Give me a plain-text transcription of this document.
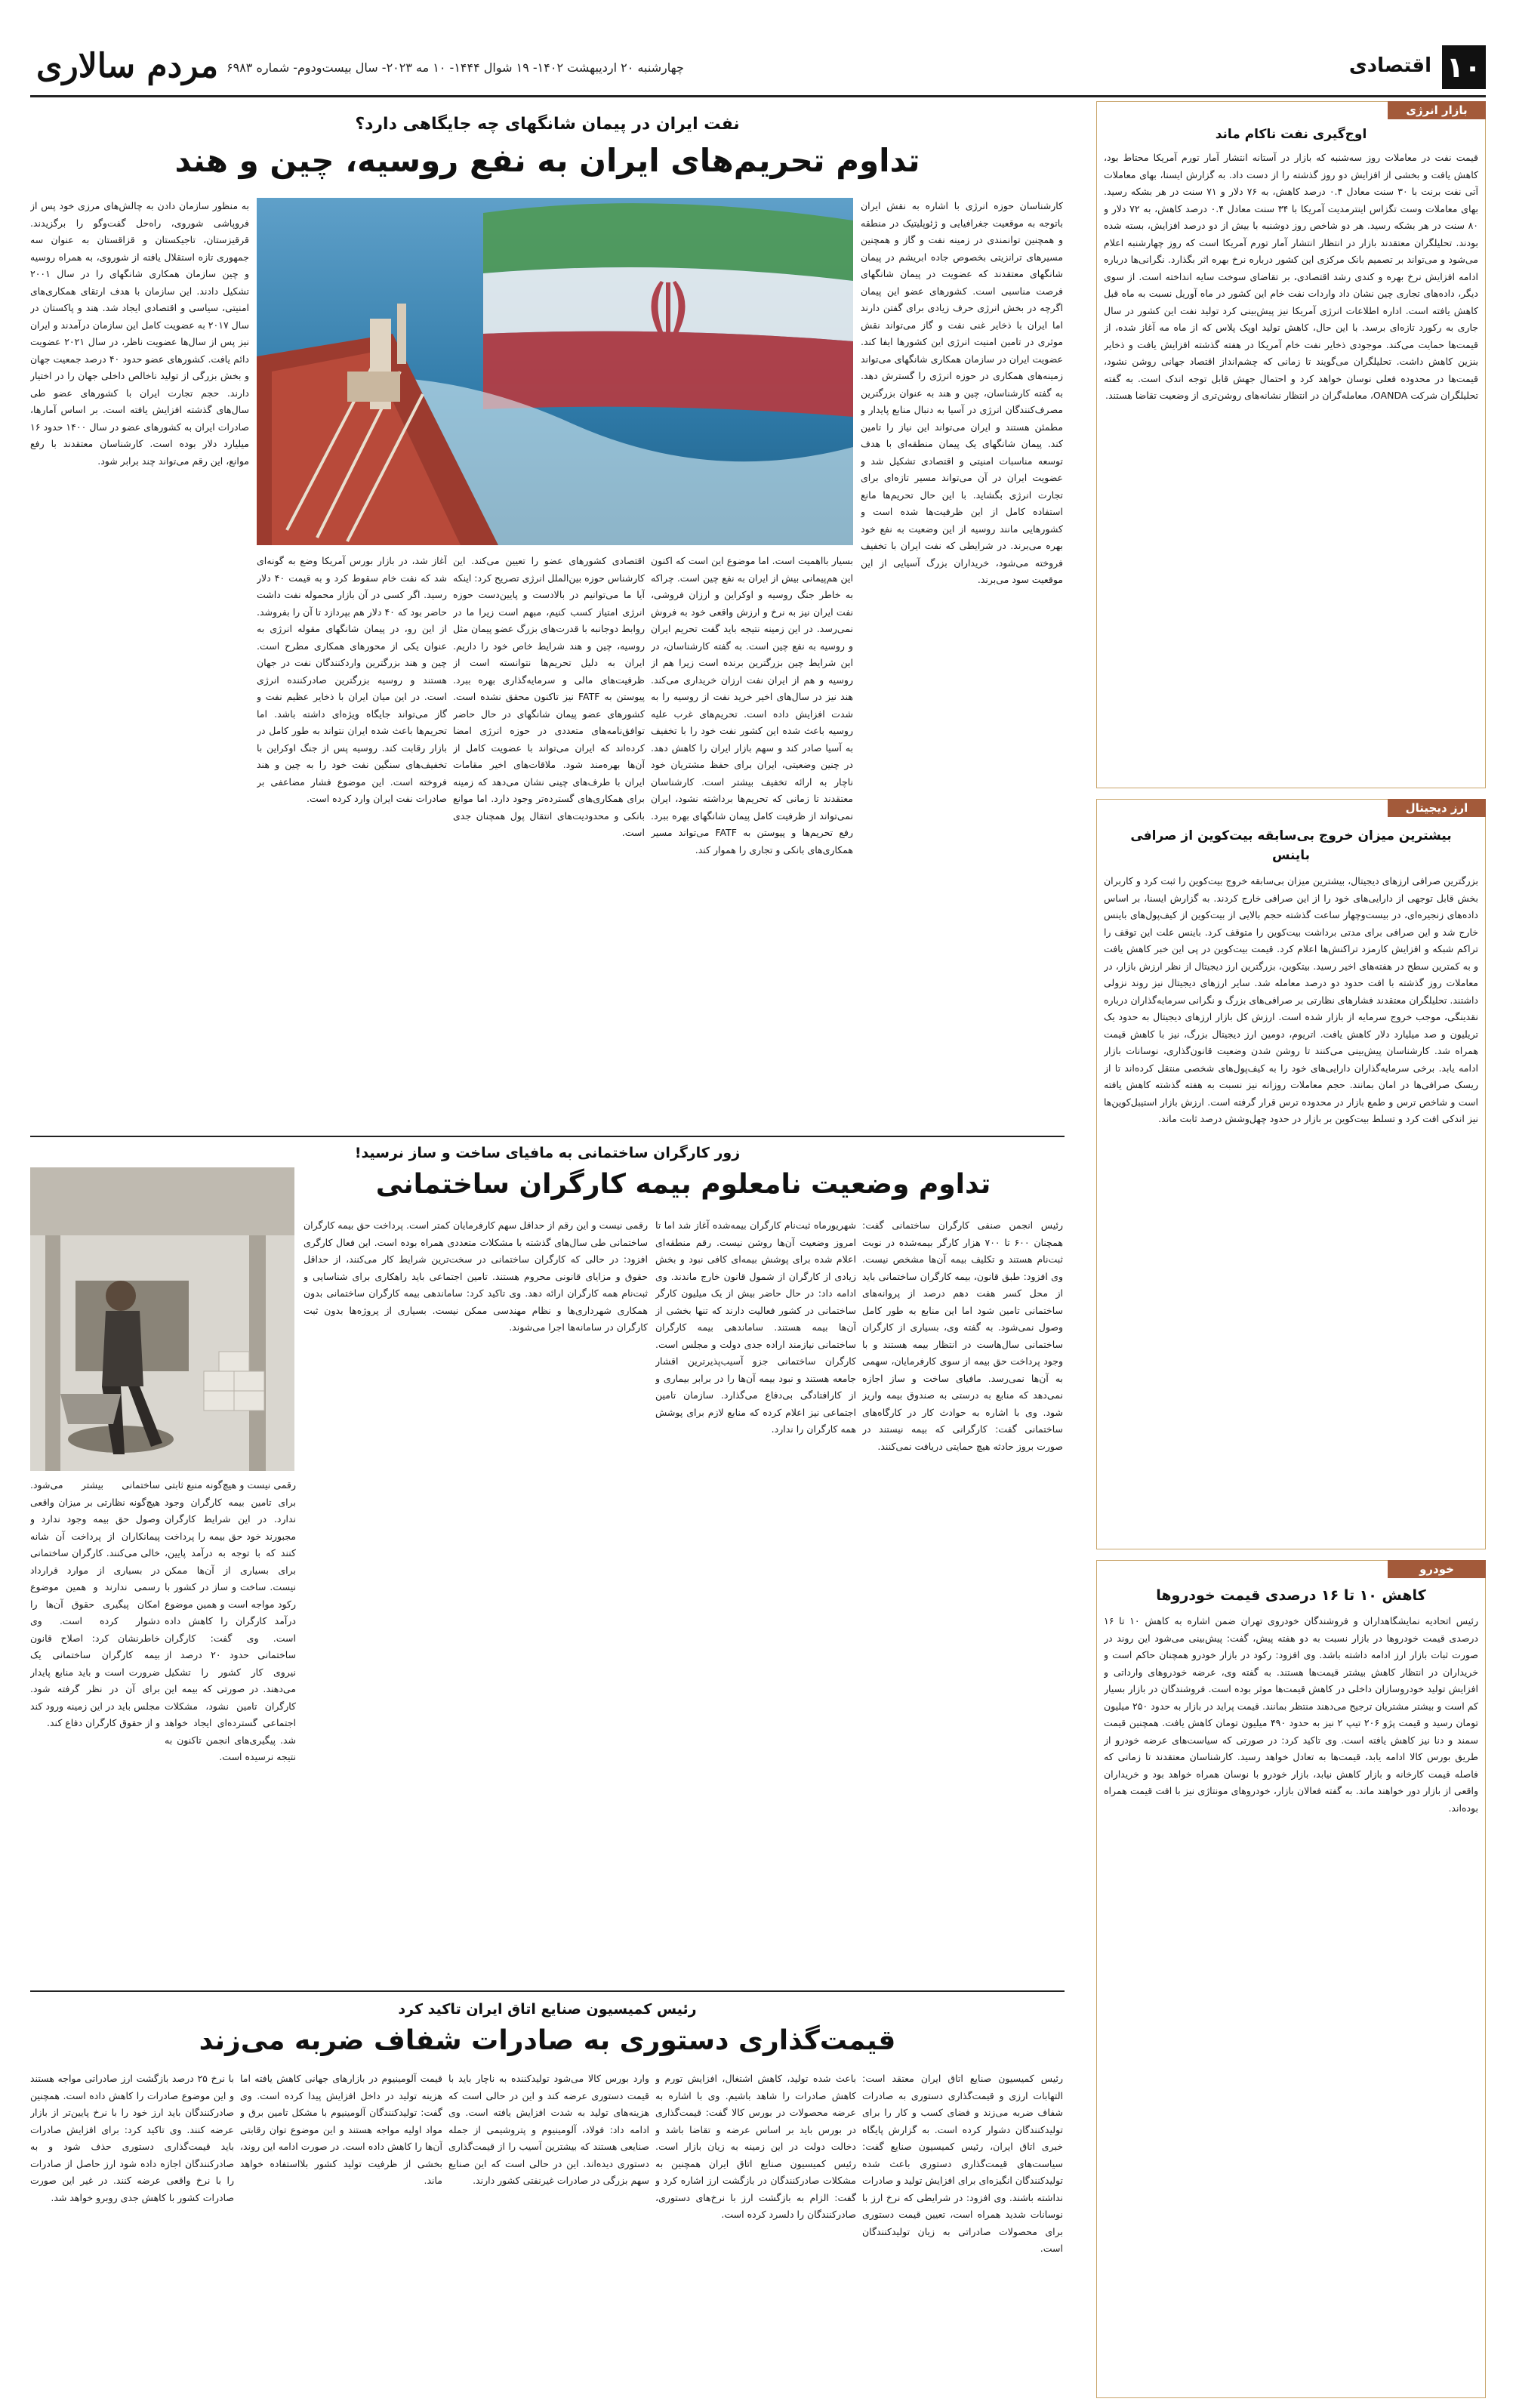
۱۰
اقتصادی
چهارشنبه ۲۰ اردیبهشت ۱۴۰۲- ۱۹ شوال ۱۴۴۴- ۱۰ مه ۲۰۲۳- سال بیست‌ودوم- شماره ۶۹۸۳
مردم سالاری
بازار انرژی
اوج‌گیری نفت ناکام ماند
قیمت نفت در معاملات روز سه‌شنبه که بازار در آستانه انتشار آمار تورم آمریکا محتاط بود، کاهش یافت و بخشی از افزایش دو روز گذشته را از دست داد. به گزارش ایسنا، بهای معاملات آتی نفت برنت با ۳۰ سنت معادل ۰.۴ درصد کاهش، به ۷۶ دلار و ۷۱ سنت در هر بشکه رسید. بهای معاملات وست تگزاس اینترمدیت آمریکا با ۳۴ سنت معادل ۰.۴ درصد کاهش، به ۷۲ دلار و ۸۰ سنت در هر بشکه رسید. هر دو شاخص روز دوشنبه با بیش از دو درصد افزایش، بسته شده بودند. تحلیلگران معتقدند بازار در انتظار انتشار آمار تورم آمریکا است که روز چهارشنبه اعلام می‌شود و می‌تواند بر تصمیم بانک مرکزی این کشور درباره نرخ بهره اثر بگذارد. نگرانی‌ها درباره ادامه افزایش نرخ بهره و کندی رشد اقتصادی، بر تقاضای سوخت سایه انداخته است. از سوی دیگر، داده‌های تجاری چین نشان داد واردات نفت خام این کشور در ماه آوریل نسبت به ماه قبل کاهش یافته است. اداره اطلاعات انرژی آمریکا نیز پیش‌بینی کرد تولید نفت این کشور در سال جاری به رکورد تازه‌ای برسد. با این حال، کاهش تولید اوپک پلاس که از ماه مه آغاز شده، از قیمت‌ها حمایت می‌کند. موجودی ذخایر نفت خام آمریکا در هفته گذشته افزایش یافت و ذخایر بنزین کاهش داشت. تحلیلگران می‌گویند تا زمانی که چشم‌انداز اقتصاد جهانی روشن نشود، قیمت‌ها در محدوده فعلی نوسان خواهد کرد و احتمال جهش قابل توجه اندک است. به گفته تحلیلگران شرکت OANDA، معامله‌گران در انتظار نشانه‌های روشن‌تری از وضعیت تقاضا هستند.
ارز دیجیتال
بیشترین میزان خروج بی‌سابقه بیت‌کوین از صرافی باینس
بزرگترین صرافی ارزهای دیجیتال، بیشترین میزان بی‌سابقه خروج بیت‌کوین را ثبت کرد و کاربران بخش قابل توجهی از دارایی‌های خود را از این صرافی خارج کردند. به گزارش ایسنا، بر اساس داده‌های زنجیره‌ای، در بیست‌وچهار ساعت گذشته حجم بالایی از بیت‌کوین از کیف‌پول‌های باینس خارج شد و این صرافی برای مدتی برداشت بیت‌کوین را متوقف کرد. باینس علت این توقف را تراکم شبکه و افزایش کارمزد تراکنش‌ها اعلام کرد. قیمت بیت‌کوین در پی این خبر کاهش یافت و به کمترین سطح در هفته‌های اخیر رسید. بیتکوین، بزرگترین ارز دیجیتال از نظر ارزش بازار، در معاملات روز گذشته با افت حدود دو درصد معامله شد. سایر ارزهای دیجیتال نیز روند نزولی داشتند. تحلیلگران معتقدند فشارهای نظارتی بر صرافی‌های بزرگ و نگرانی سرمایه‌گذاران درباره نقدینگی، موجب خروج سرمایه از بازار شده است. ارزش کل بازار ارزهای دیجیتال به حدود یک تریلیون و صد میلیارد دلار کاهش یافت. اتریوم، دومین ارز دیجیتال بزرگ، نیز با کاهش قیمت همراه شد. کارشناسان پیش‌بینی می‌کنند تا روشن شدن وضعیت قانون‌گذاری، نوسانات بازار ادامه یابد. برخی سرمایه‌گذاران دارایی‌های خود را به کیف‌پول‌های شخصی منتقل کرده‌اند تا از ریسک صرافی‌ها در امان بمانند. حجم معاملات روزانه نیز نسبت به هفته گذشته کاهش یافته است و شاخص ترس و طمع بازار در محدوده ترس قرار گرفته است. ارزش بازار استیبل‌کوین‌ها نیز اندکی افت کرد و تسلط بیت‌کوین بر بازار در حدود چهل‌وشش درصد ثابت ماند.
خودرو
کاهش ۱۰ تا ۱۶ درصدی قیمت خودروها
رئیس اتحادیه نمایشگاهداران و فروشندگان خودروی تهران ضمن اشاره به کاهش ۱۰ تا ۱۶ درصدی قیمت خودروها در بازار نسبت به دو هفته پیش، گفت: پیش‌بینی می‌شود این روند در صورت ثبات بازار ارز ادامه داشته باشد. وی افزود: رکود در بازار خودرو همچنان حاکم است و خریداران در انتظار کاهش بیشتر قیمت‌ها هستند. به گفته وی، عرضه خودروهای وارداتی و افزایش تولید خودروسازان داخلی در کاهش قیمت‌ها موثر بوده است. فروشندگان در بازار بسیار کم است و بیشتر مشتریان ترجیح می‌دهند منتظر بمانند. قیمت پراید در بازار به حدود ۲۵۰ میلیون تومان رسید و قیمت پژو ۲۰۶ تیپ ۲ نیز به حدود ۴۹۰ میلیون تومان کاهش یافت. همچنین قیمت سمند و دنا نیز کاهش یافته است. وی تاکید کرد: در صورتی که سیاست‌های عرضه خودرو از طریق بورس کالا ادامه یابد، قیمت‌ها به تعادل خواهد رسید. کارشناسان معتقدند تا زمانی که فاصله قیمت کارخانه و بازار کاهش نیابد، بازار خودرو با نوسان همراه خواهد بود و خریداران واقعی از بازار دور خواهند ماند. به گفته فعالان بازار، خودروهای مونتاژی نیز با افت قیمت همراه بوده‌اند.
نفت ایران در پیمان شانگهای چه جایگاهی دارد؟
تداوم تحریم‌های ایران به نفع روسیه، چین و هند
کارشناسان حوزه انرژی با اشاره به نقش ایران باتوجه به موقعیت جغرافیایی و ژئوپلیتیک در منطقه و همچنین توانمندی در زمینه نفت و گاز و همچنین مسیرهای ترانزیتی بخصوص جاده ابریشم در پیمان شانگهای معتقدند که عضویت در پیمان شانگهای فرصت مناسبی است. کشورهای عضو این پیمان اگرچه در بخش انرژی حرف زیادی برای گفتن دارند اما ایران با ذخایر غنی نفت و گاز می‌تواند نقش موثری در تامین امنیت انرژی این کشورها ایفا کند. عضویت ایران در سازمان همکاری شانگهای می‌تواند زمینه‌های همکاری در حوزه انرژی را گسترش دهد. به گفته کارشناسان، چین و هند به عنوان بزرگترین مصرف‌کنندگان انرژی در آسیا به دنبال منابع پایدار و مطمئن هستند و ایران می‌تواند این نیاز را تامین کند. پیمان شانگهای یک پیمان منطقه‌ای با هدف توسعه مناسبات امنیتی و اقتصادی تشکیل شد و عضویت ایران در آن می‌تواند مسیر تازه‌ای برای تجارت انرژی بگشاید. با این حال تحریم‌ها مانع استفاده کامل از این ظرفیت‌ها شده است و کشورهایی مانند روسیه از این وضعیت به نفع خود بهره می‌برند. در شرایطی که نفت ایران با تخفیف فروخته می‌شود، خریداران بزرگ آسیایی از این موقعیت سود می‌برند.
بسیار بااهمیت است. اما موضوع این است که اکنون این هم‌پیمانی بیش از ایران به نفع چین است. چراکه به خاطر جنگ روسیه و اوکراین و ارزان فروشی، نفت ایران نیز به نرخ و ارزش واقعی خود به فروش نمی‌رسد. در این زمینه نتیجه باید گفت تحریم ایران و روسیه به نفع چین است. به گفته کارشناسان، در این شرایط چین بزرگترین برنده است زیرا هم از روسیه و هم از ایران نفت ارزان خریداری می‌کند. هند نیز در سال‌های اخیر خرید نفت از روسیه را به شدت افزایش داده است. تحریم‌های غرب علیه روسیه باعث شده این کشور نفت خود را با تخفیف به آسیا صادر کند و سهم بازار ایران را کاهش دهد. در چنین وضعیتی، ایران برای حفظ مشتریان خود ناچار به ارائه تخفیف بیشتر است. کارشناسان معتقدند تا زمانی که تحریم‌ها برداشته نشود، ایران نمی‌تواند از ظرفیت کامل پیمان شانگهای بهره ببرد. رفع تحریم‌ها و پیوستن به FATF می‌تواند مسیر همکاری‌های بانکی و تجاری را هموار کند.
اقتصادی کشورهای عضو را تعیین می‌کند. این کارشناس حوزه بین‌الملل انرژی تصریح کرد: اینکه آیا ما می‌توانیم در بالادست و پایین‌دست حوزه انرژی امتیاز کسب کنیم، مبهم است زیرا ما در روابط دوجانبه با قدرت‌های بزرگ عضو پیمان مثل روسیه، چین و هند شرایط خاص خود را داریم. ایران به دلیل تحریم‌ها نتوانسته است از ظرفیت‌های مالی و سرمایه‌گذاری بهره ببرد. پیوستن به FATF نیز تاکنون محقق نشده است. کشورهای عضو پیمان شانگهای در حال حاضر توافق‌نامه‌های متعددی در حوزه انرژی امضا کرده‌اند که ایران می‌تواند با عضویت کامل از آن‌ها بهره‌مند شود. ملاقات‌های اخیر مقامات ایران با طرف‌های چینی نشان می‌دهد که زمینه برای همکاری‌های گسترده‌تر وجود دارد. اما موانع بانکی و محدودیت‌های انتقال پول همچنان جدی است.
آغاز شد، در بازار بورس آمریکا وضع به گونه‌ای شد که نفت خام سقوط کرد و به قیمت ۴۰ دلار رسید. اگر کسی در آن بازار محموله نفت داشت حاضر بود که ۴۰ دلار هم بپردازد تا آن را بفروشد. از این رو، در پیمان شانگهای مقوله انرژی به عنوان یکی از محورهای همکاری مطرح است. چین و هند بزرگترین واردکنندگان نفت در جهان هستند و روسیه بزرگترین صادرکننده انرژی است. در این میان ایران با ذخایر عظیم نفت و گاز می‌تواند جایگاه ویژه‌ای داشته باشد. اما تحریم‌ها باعث شده ایران نتواند به طور کامل در بازار رقابت کند. روسیه پس از جنگ اوکراین با تخفیف‌های سنگین نفت خود را به چین و هند فروخته است. این موضوع فشار مضاعفی بر صادرات نفت ایران وارد کرده است.
به منظور سازمان دادن به چالش‌های مرزی خود پس از فروپاشی شوروی، راه‌حل گفت‌وگو را برگزیدند. قرقیزستان، تاجیکستان و قزاقستان به عنوان سه جمهوری تازه استقلال یافته از شوروی، به همراه روسیه و چین سازمان همکاری شانگهای را در سال ۲۰۰۱ تشکیل دادند. این سازمان با هدف ارتقای همکاری‌های امنیتی، سیاسی و اقتصادی ایجاد شد. هند و پاکستان در سال ۲۰۱۷ به عضویت کامل این سازمان درآمدند و ایران نیز پس از سال‌ها عضویت ناظر، در سال ۲۰۲۱ عضویت دائم یافت. کشورهای عضو حدود ۴۰ درصد جمعیت جهان و بخش بزرگی از تولید ناخالص داخلی جهان را در اختیار دارند. حجم تجارت ایران با کشورهای عضو طی سال‌های گذشته افزایش یافته است. بر اساس آمارها، صادرات ایران به کشورهای عضو در سال ۱۴۰۰ حدود ۱۶ میلیارد دلار بوده است. کارشناسان معتقدند با رفع موانع، این رقم می‌تواند چند برابر شود.
زور کارگران ساختمانی به مافیای ساخت و ساز نرسید!
تداوم وضعیت نامعلوم بیمه کارگران ساختمانی
رئیس انجمن صنفی کارگران ساختمانی گفت: همچنان ۶۰۰ تا ۷۰۰ هزار کارگر بیمه‌شده در نوبت ثبت‌نام هستند و تکلیف بیمه آن‌ها مشخص نیست. وی افزود: طبق قانون، بیمه کارگران ساختمانی باید از محل کسر هفت دهم درصد از پروانه‌های ساختمانی تامین شود اما این منابع به طور کامل وصول نمی‌شود. به گفته وی، بسیاری از کارگران ساختمانی سال‌هاست در انتظار بیمه هستند و با وجود پرداخت حق بیمه از سوی کارفرمایان، سهمی به آن‌ها نمی‌رسد. مافیای ساخت و ساز اجازه نمی‌دهد که منابع به درستی به صندوق بیمه واریز شود. وی با اشاره به حوادث کار در کارگاه‌های ساختمانی گفت: کارگرانی که بیمه نیستند در صورت بروز حادثه هیچ حمایتی دریافت نمی‌کنند.
شهریورماه ثبت‌نام کارگران بیمه‌شده آغاز شد اما تا امروز وضعیت آن‌ها روشن نیست. رقم منطقه‌ای اعلام شده برای پوشش بیمه‌ای کافی نبود و بخش زیادی از کارگران از شمول قانون خارج ماندند. وی ادامه داد: در حال حاضر بیش از یک میلیون کارگر ساختمانی در کشور فعالیت دارند که تنها بخشی از آن‌ها بیمه هستند. ساماندهی بیمه کارگران ساختمانی نیازمند اراده جدی دولت و مجلس است. کارگران ساختمانی جزو آسیب‌پذیرترین اقشار جامعه هستند و نبود بیمه آن‌ها را در برابر بیماری و از کارافتادگی بی‌دفاع می‌گذارد. سازمان تامین اجتماعی نیز اعلام کرده که منابع لازم برای پوشش همه کارگران را ندارد.
رقمی نیست و این رقم از حداقل سهم کارفرمایان کمتر است. پرداخت حق بیمه کارگران ساختمانی طی سال‌های گذشته با مشکلات متعددی همراه بوده است. این فعال کارگری افزود: در حالی که کارگران ساختمانی در سخت‌ترین شرایط کار می‌کنند، از حداقل حقوق و مزایای قانونی محروم هستند. تامین اجتماعی باید راهکاری برای شناسایی و ثبت‌نام همه کارگران ارائه دهد. وی تاکید کرد: ساماندهی بیمه کارگران ساختمانی بدون همکاری شهرداری‌ها و نظام مهندسی ممکن نیست. بسیاری از پروژه‌ها بدون ثبت کارگران در سامانه‌ها اجرا می‌شوند.
رقمی نیست و هیچ‌گونه منبع ثابتی برای تامین بیمه کارگران وجود ندارد. در این شرایط کارگران مجبورند خود حق بیمه را پرداخت کنند که با توجه به درآمد پایین، برای بسیاری از آن‌ها ممکن نیست. ساخت و ساز در کشور با رکود مواجه است و همین موضوع درآمد کارگران را کاهش داده است. وی گفت: کارگران ساختمانی حدود ۲۰ درصد از نیروی کار کشور را تشکیل می‌دهند. در صورتی که بیمه این کارگران تامین نشود، مشکلات اجتماعی گسترده‌ای ایجاد خواهد شد. پیگیری‌های انجمن تاکنون به نتیجه نرسیده است.
ساختمانی بیشتر می‌شود. هیچ‌گونه نظارتی بر میزان واقعی وصول حق بیمه وجود ندارد و پیمانکاران از پرداخت آن شانه خالی می‌کنند. کارگران ساختمانی در بسیاری از موارد قرارداد رسمی ندارند و همین موضوع امکان پیگیری حقوق آن‌ها را دشوار کرده است. وی خاطرنشان کرد: اصلاح قانون بیمه کارگران ساختمانی یک ضرورت است و باید منابع پایدار برای آن در نظر گرفته شود. مجلس باید در این زمینه ورود کند و از حقوق کارگران دفاع کند.
رئیس کمیسیون صنایع اتاق ایران تاکید کرد
قیمت‌گذاری دستوری به صادرات شفاف ضربه می‌زند
رئیس کمیسیون صنایع اتاق ایران معتقد است: التهابات ارزی و قیمت‌گذاری دستوری به صادرات شفاف ضربه می‌زند و فضای کسب و کار را برای تولیدکنندگان دشوار کرده است. به گزارش پایگاه خبری اتاق ایران، رئیس کمیسیون صنایع گفت: سیاست‌های قیمت‌گذاری دستوری باعث شده تولیدکنندگان انگیزه‌ای برای افزایش تولید و صادرات نداشته باشند. وی افزود: در شرایطی که نرخ ارز با نوسانات شدید همراه است، تعیین قیمت دستوری برای محصولات صادراتی به زیان تولیدکنندگان است.
باعث شده تولید، کاهش اشتغال، افزایش تورم و کاهش صادرات را شاهد باشیم. وی با اشاره به عرضه محصولات در بورس کالا گفت: قیمت‌گذاری در بورس باید بر اساس عرضه و تقاضا باشد و دخالت دولت در این زمینه به زیان بازار است. رئیس کمیسیون صنایع اتاق ایران همچنین به مشکلات صادرکنندگان در بازگشت ارز اشاره کرد و گفت: الزام به بازگشت ارز با نرخ‌های دستوری، صادرکنندگان را دلسرد کرده است.
وارد بورس کالا می‌شود تولیدکننده به ناچار باید با قیمت دستوری عرضه کند و این در حالی است که هزینه‌های تولید به شدت افزایش یافته است. وی ادامه داد: فولاد، آلومینیوم و پتروشیمی از جمله صنایعی هستند که بیشترین آسیب را از قیمت‌گذاری دستوری دیده‌اند. این در حالی است که این صنایع سهم بزرگی در صادرات غیرنفتی کشور دارند.
قیمت آلومینیوم در بازارهای جهانی کاهش یافته اما هزینه تولید در داخل افزایش پیدا کرده است. وی گفت: تولیدکنندگان آلومینیوم با مشکل تامین برق و مواد اولیه مواجه هستند و این موضوع توان رقابتی آن‌ها را کاهش داده است. در صورت ادامه این روند، بخشی از ظرفیت تولید کشور بلااستفاده خواهد ماند.
با نرخ ۲۵ درصد بازگشت ارز صادراتی مواجه هستند و این موضوع صادرات را کاهش داده است. همچنین صادرکنندگان باید ارز خود را با نرخ پایین‌تر از بازار عرضه کنند. وی تاکید کرد: برای افزایش صادرات باید قیمت‌گذاری دستوری حذف شود و به صادرکنندگان اجازه داده شود ارز حاصل از صادرات را با نرخ واقعی عرضه کنند. در غیر این صورت صادرات کشور با کاهش جدی روبرو خواهد شد.
